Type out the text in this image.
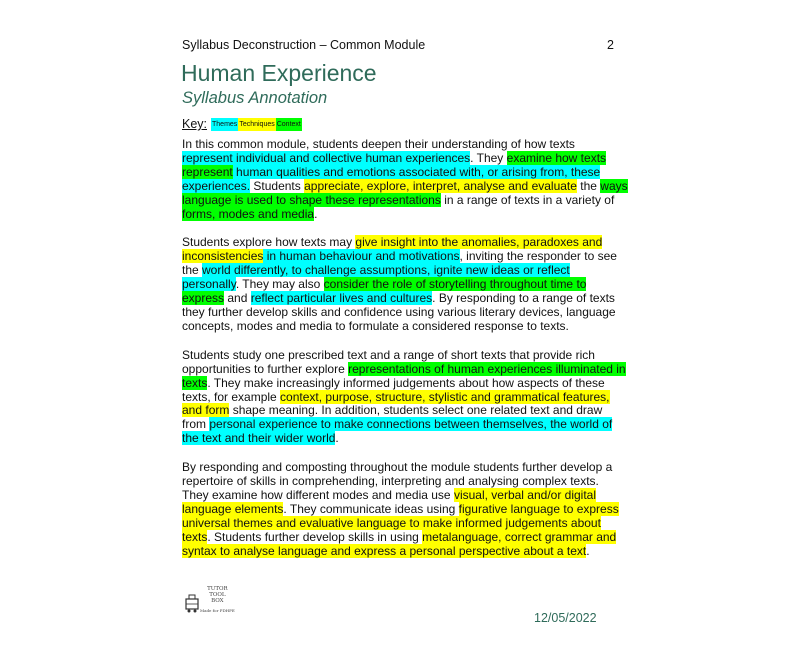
Syllabus Deconstruction – Common Module	2
Human Experience
Syllabus Annotation
Key: Themes Techniques Context

In this common module, students deepen their understanding of how texts represent individual and collective human experiences. They examine how texts represent human qualities and emotions associated with, or arising from, these experiences. Students appreciate, explore, interpret, analyse and evaluate the ways language is used to shape these representations in a range of texts in a variety of forms, modes and media.

Students explore how texts may give insight into the anomalies, paradoxes and inconsistencies in human behaviour and motivations, inviting the responder to see the world differently, to challenge assumptions, ignite new ideas or reflect personally. They may also consider the role of storytelling throughout time to express and reflect particular lives and cultures. By responding to a range of texts they further develop skills and confidence using various literary devices, language concepts, modes and media to formulate a considered response to texts.

Students study one prescribed text and a range of short texts that provide rich opportunities to further explore representations of human experiences illuminated in texts. They make increasingly informed judgements about how aspects of these texts, for example context, purpose, structure, stylistic and grammatical features, and form shape meaning. In addition, students select one related text and draw from personal experience to make connections between themselves, the world of the text and their wider world.

By responding and composting throughout the module students further develop a repertoire of skills in comprehending, interpreting and analysing complex texts. They examine how different modes and media use visual, verbal and/or digital language elements. They communicate ideas using figurative language to express universal themes and evaluative language to make informed judgements about texts. Students further develop skills in using metalanguage, correct grammar and syntax to analyse language and express a personal perspective about a text.

TUTOR
TOOL
BOX
Made for PDHPE
12/05/2022
